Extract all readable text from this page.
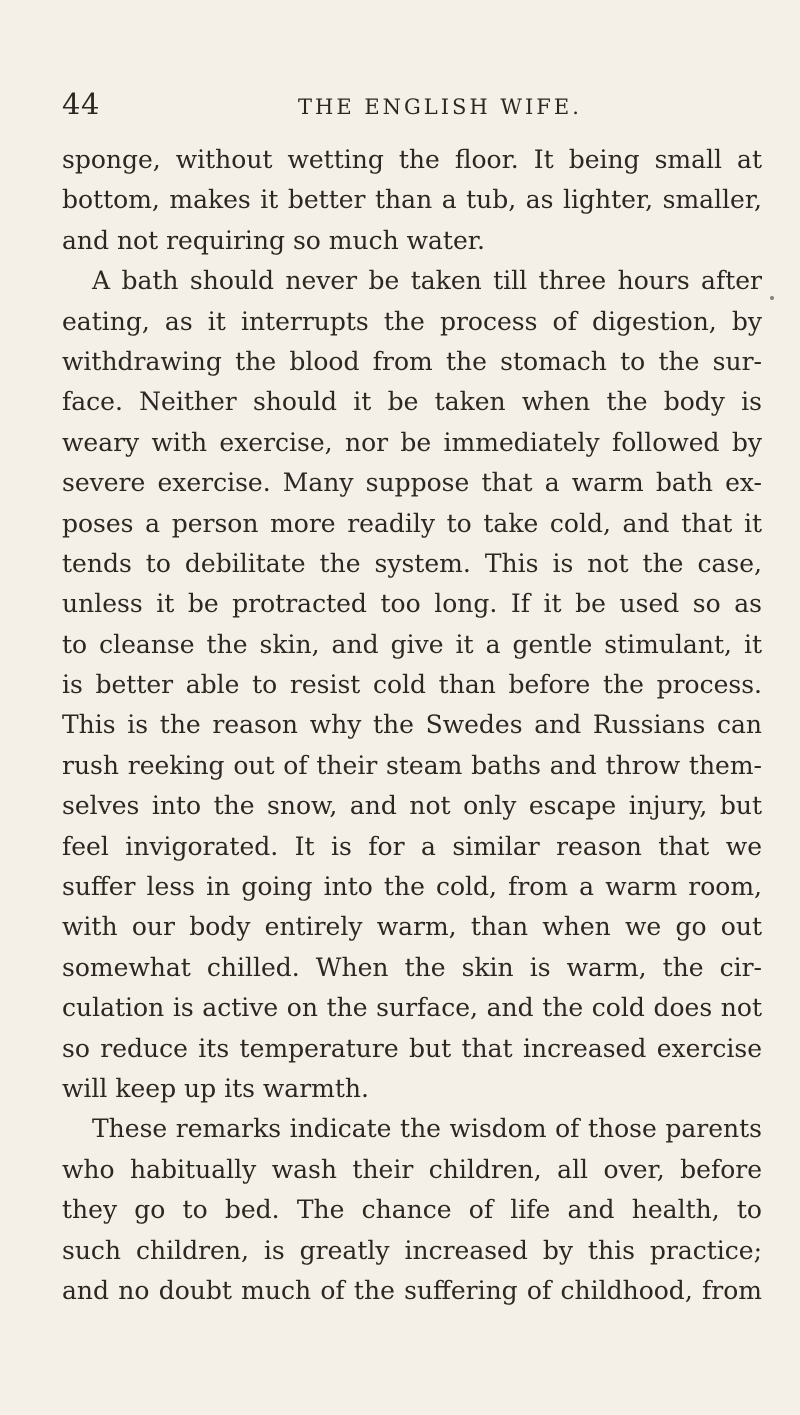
44	THE ENGLISH WIFE.
sponge, without wetting the floor. It being small at
bottom, makes it better than a tub, as lighter, smaller,
and not requiring so much water.
A bath should never be taken till three hours after
eating, as it interrupts the process of digestion, by
withdrawing the blood from the stomach to the sur-
face. Neither should it be taken when the body is
weary with exercise, nor be immediately followed by
severe exercise. Many suppose that a warm bath ex-
poses a person more readily to take cold, and that it
tends to debilitate the system. This is not the case,
unless it be protracted too long. If it be used so as
to cleanse the skin, and give it a gentle stimulant, it
is better able to resist cold than before the process.
This is the reason why the Swedes and Russians can
rush reeking out of their steam baths and throw them-
selves into the snow, and not only escape injury, but
feel invigorated. It is for a similar reason that we
suffer less in going into the cold, from a warm room,
with our body entirely warm, than when we go out
somewhat chilled. When the skin is warm, the cir-
culation is active on the surface, and the cold does not
so reduce its temperature but that increased exercise
will keep up its warmth.
These remarks indicate the wisdom of those parents
who habitually wash their children, all over, before
they go to bed. The chance of life and health, to
such children, is greatly increased by this practice;
and no doubt much of the suffering of childhood, from
